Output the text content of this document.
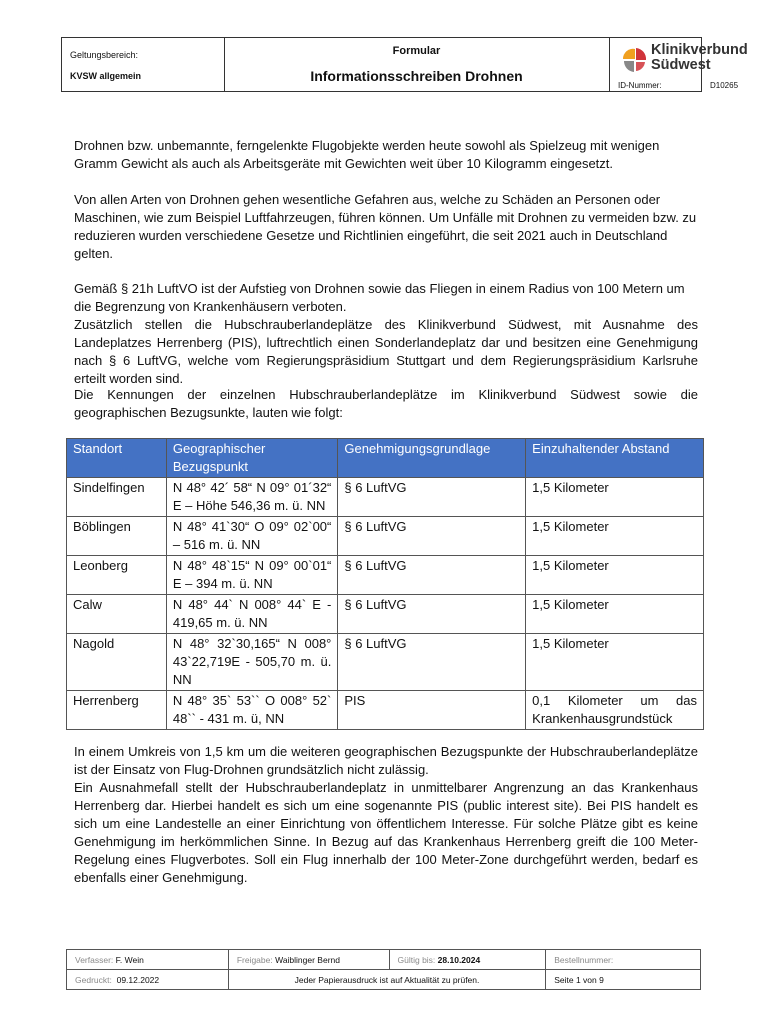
Geltungsbereich:
KVSW allgemein
Formular
Informationsschreiben Drohnen
Klinikverbund
Südwest
ID-Nummer:	D10265

Drohnen bzw. unbemannte, ferngelenkte Flugobjekte werden heute sowohl als Spielzeug mit wenigen Gramm Gewicht als auch als Arbeitsgeräte mit Gewichten weit über 10 Kilogramm eingesetzt.

Von allen Arten von Drohnen gehen wesentliche Gefahren aus, welche zu Schäden an Personen oder Maschinen, wie zum Beispiel Luftfahrzeugen, führen können. Um Unfälle mit Drohnen zu vermeiden bzw. zu reduzieren wurden verschiedene Gesetze und Richtlinien eingeführt, die seit 2021 auch in Deutschland gelten.

Gemäß § 21h LuftVO ist der Aufstieg von Drohnen sowie das Fliegen in einem Radius von 100 Metern um die Begrenzung von Krankenhäusern verboten.

Zusätzlich stellen die Hubschrauberlandeplätze des Klinikverbund Südwest, mit Ausnahme des Landeplatzes Herrenberg (PIS), luftrechtlich einen Sonderlandeplatz dar und besitzen eine Genehmigung nach § 6 LuftVG, welche vom Regierungspräsidium Stuttgart und dem Regierungspräsidium Karlsruhe erteilt worden sind.

Die Kennungen der einzelnen Hubschrauberlandeplätze im Klinikverbund Südwest sowie die geographischen Bezugsunkte, lauten wie folgt:

Standort	Geographischer Bezugspunkt	Genehmigungsgrundlage	Einzuhaltender Abstand
Sindelfingen	N 48° 42´ 58“ N 09° 01´32“ E – Höhe 546,36 m. ü. NN	§ 6 LuftVG	1,5 Kilometer
Böblingen	N 48° 41`30“ O 09° 02`00“ – 516 m. ü. NN	§ 6 LuftVG	1,5 Kilometer
Leonberg	N 48° 48`15“ N 09° 00`01“ E – 394 m. ü. NN	§ 6 LuftVG	1,5 Kilometer
Calw	N 48° 44` N 008° 44` E - 419,65 m. ü. NN	§ 6 LuftVG	1,5 Kilometer
Nagold	N 48° 32`30,165“ N 008° 43`22,719E - 505,70 m. ü. NN	§ 6 LuftVG	1,5 Kilometer
Herrenberg	N 48° 35` 53`` O 008° 52` 48`` - 431 m. ü, NN	PIS	0,1 Kilometer um das Krankenhausgrundstück

In einem Umkreis von 1,5 km um die weiteren geographischen Bezugspunkte der Hubschrauberlandeplätze ist der Einsatz von Flug-Drohnen grundsätzlich nicht zulässig.

Ein Ausnahmefall stellt der Hubschrauberlandeplatz in unmittelbarer Angrenzung an das Krankenhaus Herrenberg dar. Hierbei handelt es sich um eine sogenannte PIS (public interest site). Bei PIS handelt es sich um eine Landestelle an einer Einrichtung von öffentlichem Interesse. Für solche Plätze gibt es keine Genehmigung im herkömmlichen Sinne. In Bezug auf das Krankenhaus Herrenberg greift die 100 Meter-Regelung eines Flugverbotes. Soll ein Flug innerhalb der 100 Meter-Zone durchgeführt werden, bedarf es ebenfalls einer Genehmigung.

Verfasser: F. Wein	Freigabe: Waiblinger Bernd	Gültig bis: 28.10.2024	Bestellnummer:
Gedruckt: 09.12.2022	Jeder Papierausdruck ist auf Aktualität zu prüfen.		Seite 1 von 9
